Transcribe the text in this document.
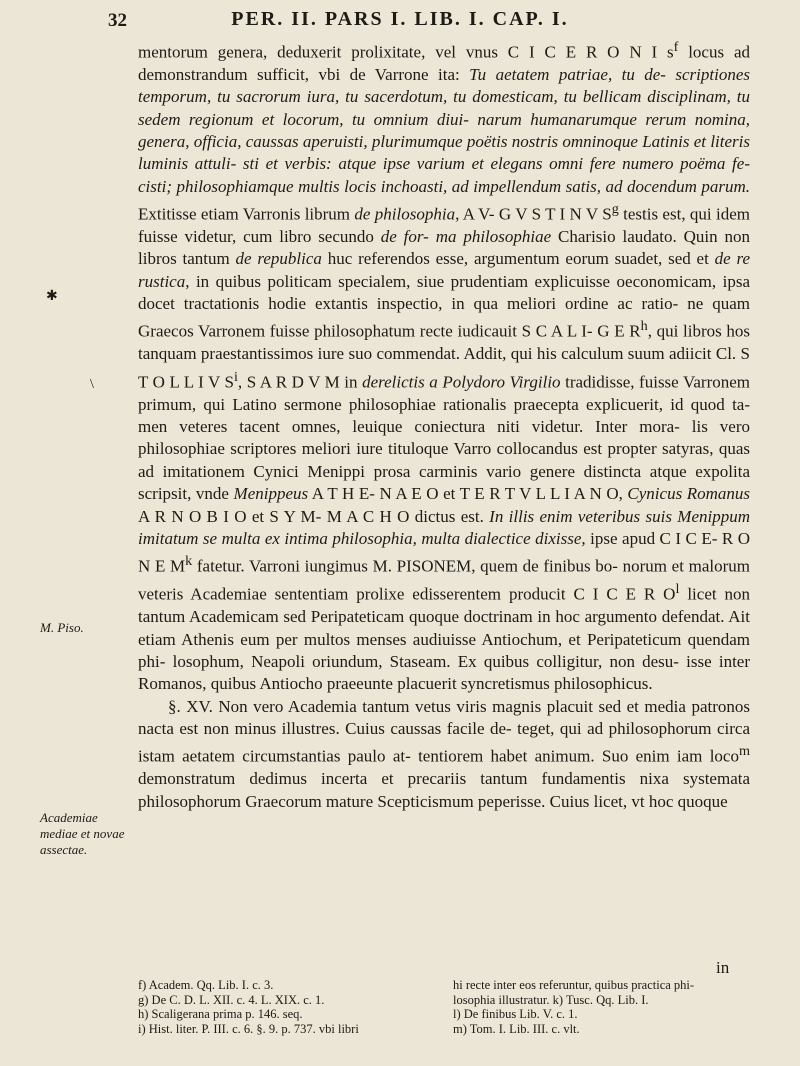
32	PER. II. PARS I. LIB. I. CAP. I.
✱
\
M. Piso.
Academiae mediae et novae assectae.

mentorum genera, deduxerit prolixitate, vel vnus C I C E R O N I $s^f$ locus ad demonstrandum sufficit, vbi de Varrone ita: Tu aetatem patriae, tu de- scriptiones temporum, tu sacrorum iura, tu sacerdotum, tu domesticam, tu bellicam disciplinam, tu sedem regionum et locorum, tu omnium diui- narum humanarumque rerum nomina, genera, officia, caussas aperuisti, plurimumque poëtis nostris omninoque Latinis et literis luminis attuli- sti et verbis: atque ipse varium et elegans omni fere numero poëma fe- cisti; philosophiamque multis locis inchoasti, ad impellendum satis, ad docendum parum. Extitisse etiam Varronis librum de philosophia, A V- G V S T I N V $S^g$ testis est, qui idem fuisse videtur, cum libro secundo de for- ma philosophiae Charisio laudato. Quin non libros tantum de republica huc referendos esse, argumentum eorum suadet, sed et de re rustica, in quibus politicam specialem, siue prudentiam explicuisse oeconomicam, ipsa docet tractationis hodie extantis inspectio, in qua meliori ordine ac ratio- ne quam Graecos Varronem fuisse philosophatum recte iudicauit S C A L I- G E $R^h$, qui libros hos tanquam praestantissimos iure suo commendat. Addit, qui his calculum suum adiicit Cl. S T O L L I V $S^i$, S A R D V M in derelictis a Polydoro Virgilio tradidisse, fuisse Varronem primum, qui Latino sermone philosophiae rationalis praecepta explicuerit, id quod ta- men veteres tacent omnes, leuique coniectura niti videtur. Inter mora- lis vero philosophiae scriptores meliori iure tituloque Varro collocandus est propter satyras, quas ad imitationem Cynici Menippi prosa carminis vario genere distincta atque expolita scripsit, vnde Menippeus A T H E- N A E O et T E R T V L L I A N O, Cynicus Romanus A R N O B I O et S Y M- M A C H O dictus est. In illis enim veteribus suis Menippum imitatum se multa ex intima philosophia, multa dialectice dixisse, ipse apud C I C E- R O N E $M^k$ fatetur. Varroni iungimus M. PISONEM, quem de finibus bo- norum et malorum veteris Academiae sententiam prolixe edisserentem producit C I C E R $O^l$ licet non tantum Academicam sed Peripateticam quoque doctrinam in hoc argumento defendat. Ait etiam Athenis eum per multos menses audiuisse Antiochum, et Peripateticum quendam phi- losophum, Neapoli oriundum, Staseam. Ex quibus colligitur, non desu- isse inter Romanos, quibus Antiocho praeeunte placuerit syncretismus philosophicus.

§. XV. Non vero Academia tantum vetus viris magnis placuit sed et media patronos nacta est non minus illustres. Cuius caussas facile de- teget, qui ad philosophorum circa istam aetatem circumstantias paulo at- tentiorem habet animum. Suo enim iam loco$^m$ demonstratum dedimus incerta et precariis tantum fundamentis nixa systemata philosophorum Graecorum mature Scepticismum peperisse. Cuius licet, vt hoc quoque

in
f) Academ. Qq. Lib. I. c. 3.
g) De C. D. L. XII. c. 4. L. XIX. c. 1.
h) Scaligerana prima p. 146. seq.
i) Hist. liter. P. III. c. 6. §. 9. p. 737. vbi libri
hi recte inter eos referuntur, quibus practica phi-
losophia illustratur. k) Tusc. Qq. Lib. I.
l) De finibus Lib. V. c. 1.
m) Tom. I. Lib. III. c. vlt.
